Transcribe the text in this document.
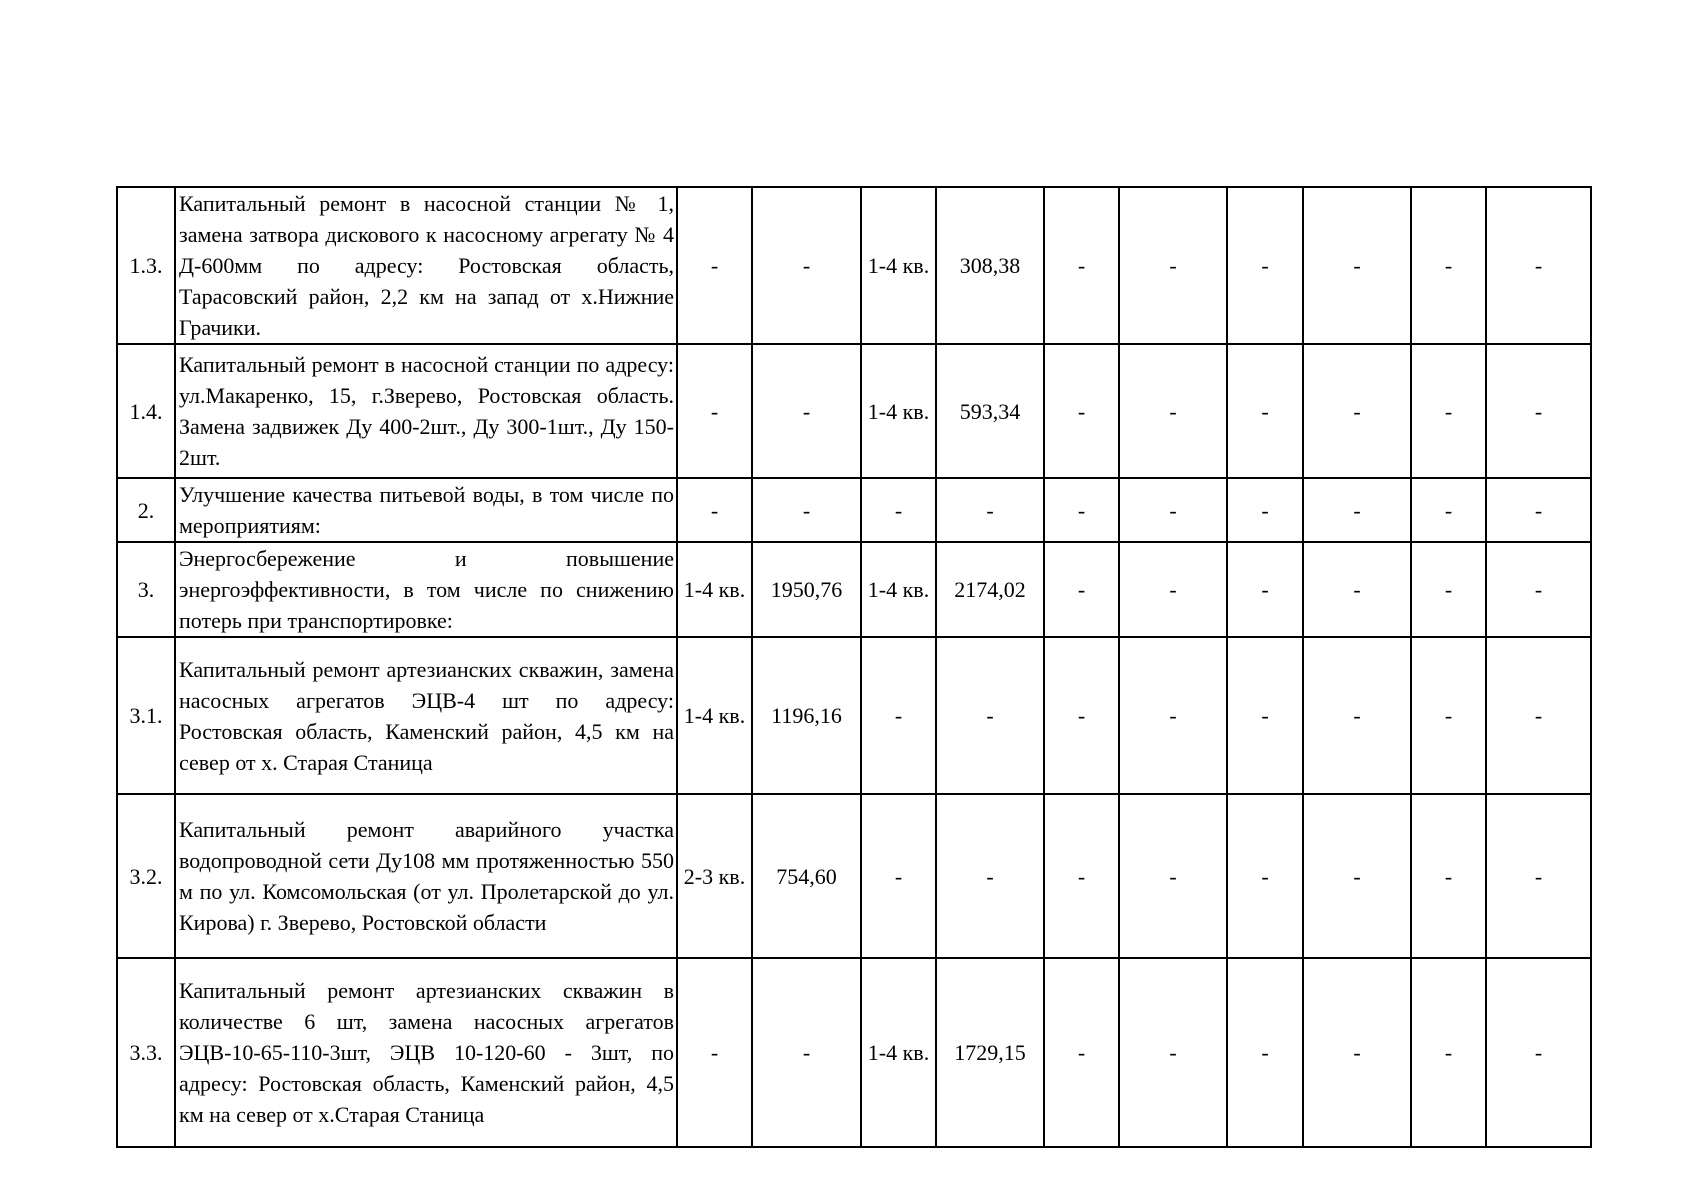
1.3.	Капитальный ремонт в насосной станции № 1, замена затвора дискового к насосному агрегату № 4 Д-600мм по адресу: Ростовская область, Тарасовский район, 2,2 км на запад от х.Нижние Грачики.	-	-	1-4 кв.	308,38	-	-	-	-	-	-
1.4.	Капитальный ремонт в насосной станции по адресу: ул.Макаренко, 15, г.Зверево, Ростовская область. Замена задвижек Ду 400-2шт., Ду 300-1шт., Ду 150-2шт.	-	-	1-4 кв.	593,34	-	-	-	-	-	-
2.	Улучшение качества питьевой воды, в том числе по мероприятиям:	-	-	-	-	-	-	-	-	-	-
3.	Энергосбережение и повышение энергоэффективности, в том числе по снижению потерь при транспортировке:	1-4 кв.	1950,76	1-4 кв.	2174,02	-	-	-	-	-	-
3.1.	Капитальный ремонт артезианских скважин, замена насосных агрегатов ЭЦВ-4 шт по адресу: Ростовская область, Каменский район, 4,5 км на север от х. Старая Станица	1-4 кв.	1196,16	-	-	-	-	-	-	-	-
3.2.	Капитальный ремонт аварийного участка водопроводной сети Ду108 мм протяженностью 550 м по ул. Комсомольская (от ул. Пролетарской до ул. Кирова) г. Зверево, Ростовской области	2-3 кв.	754,60	-	-	-	-	-	-	-	-
3.3.	Капитальный ремонт артезианских скважин в количестве 6 шт, замена насосных агрегатов ЭЦВ-10-65-110-3шт, ЭЦВ 10-120-60 - 3шт, по адресу: Ростовская область, Каменский район, 4,5 км на север от х.Старая Станица	-	-	1-4 кв.	1729,15	-	-	-	-	-	-
